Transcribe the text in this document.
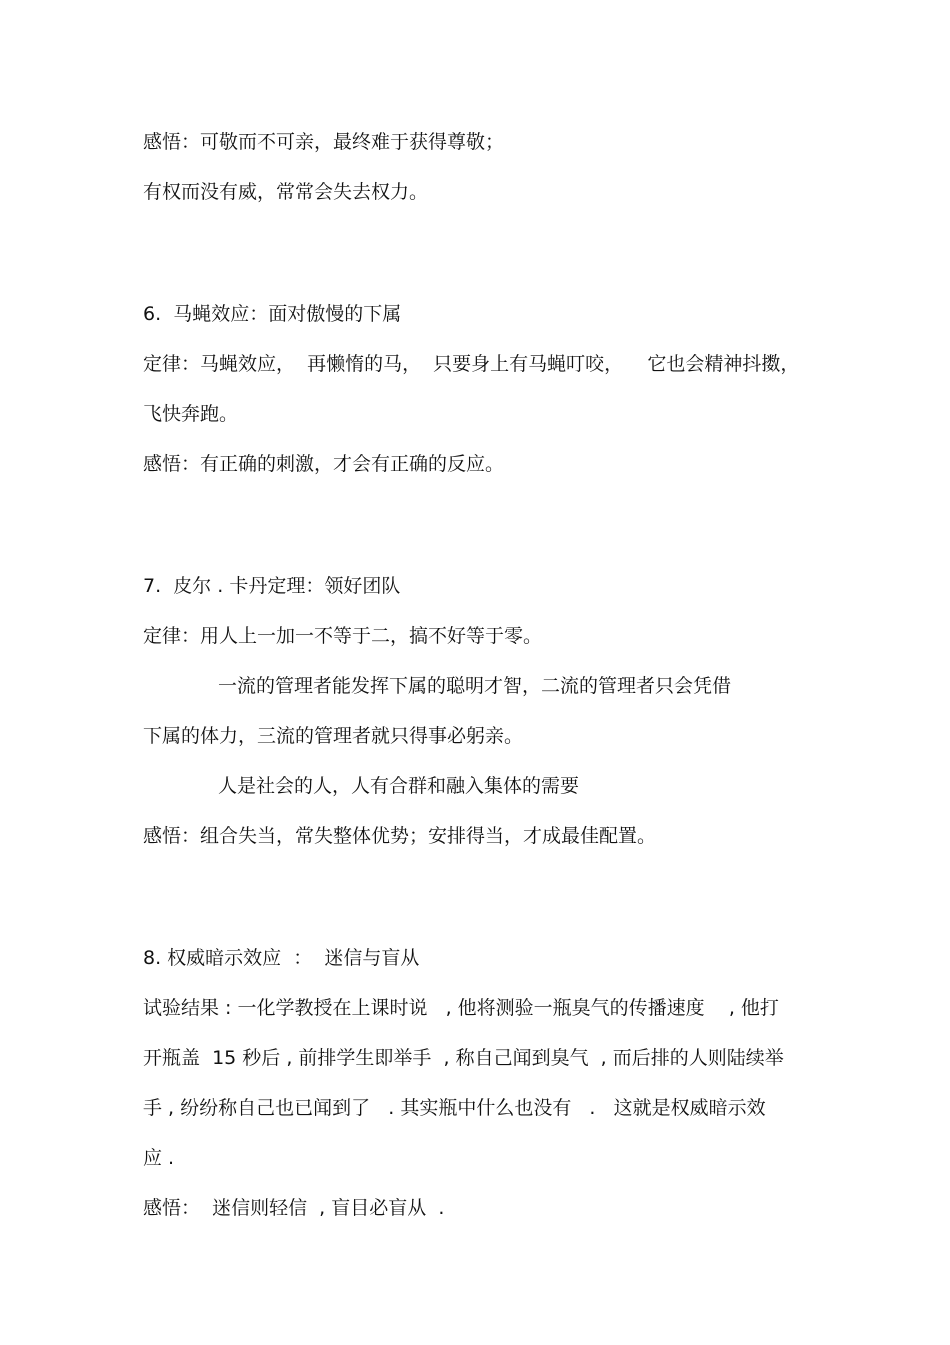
感悟：可敬而不可亲，最终难于获得尊敬；

有权而没有威，常常会失去权力。

6.  马蝇效应：面对傲慢的下属

定律：马蝇效应，  再懒惰的马，  只要身上有马蝇叮咬，    它也会精神抖擞，

飞快奔跑。

感悟：有正确的刺激，才会有正确的反应。

7.  皮尔 . 卡丹定理：领好团队

定律：用人上一加一不等于二，搞不好等于零。

一流的管理者能发挥下属的聪明才智，二流的管理者只会凭借

下属的体力，三流的管理者就只得事必躬亲。

人是社会的人，人有合群和融入集体的需要

感悟：组合失当，常失整体优势；安排得当，才成最佳配置。

8. 权威暗示效应  ：  迷信与盲从

试验结果 : 一化学教授在上课时说   , 他将测验一瓶臭气的传播速度    , 他打

开瓶盖  15 秒后 , 前排学生即举手  , 称自己闻到臭气  , 而后排的人则陆续举

手 , 纷纷称自己也已闻到了   . 其实瓶中什么也没有   .   这就是权威暗示效

应 .

感悟：  迷信则轻信  , 盲目必盲从  .
